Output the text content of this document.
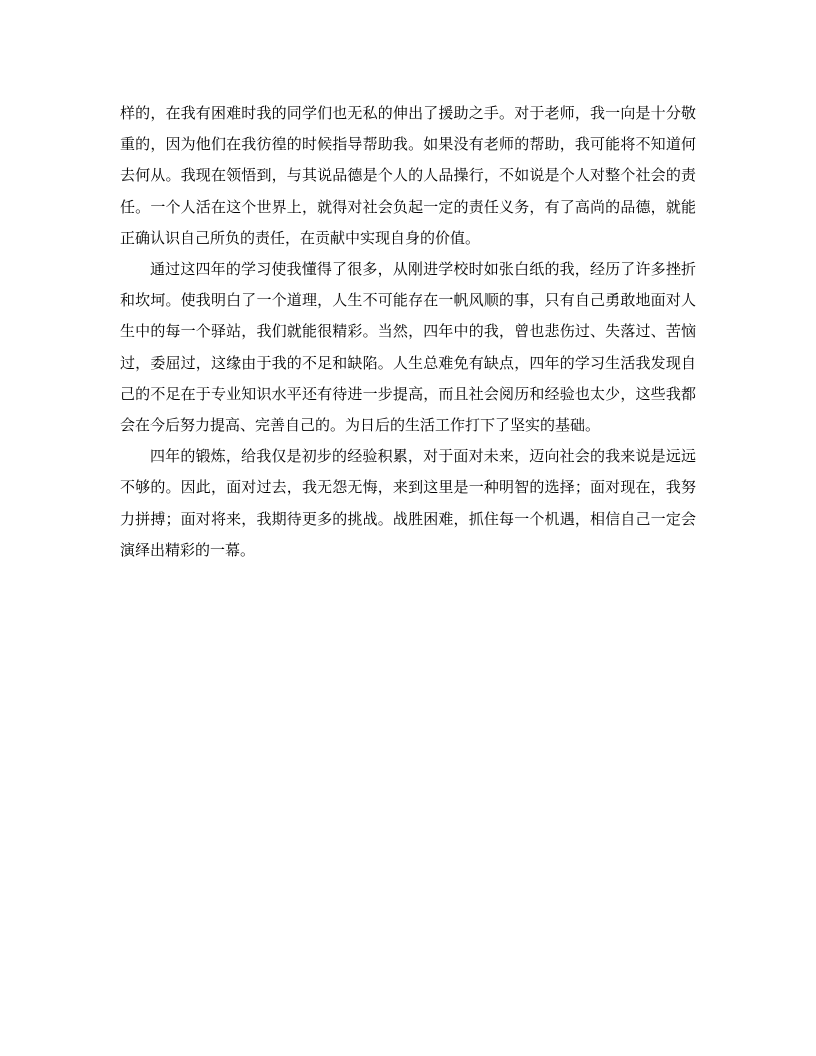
样的，在我有困难时我的同学们也无私的伸出了援助之手。对于老师，我一向是十分敬重的，因为他们在我彷徨的时候指导帮助我。如果没有老师的帮助，我可能将不知道何去何从。我现在领悟到，与其说品德是个人的人品操行，不如说是个人对整个社会的责任。一个人活在这个世界上，就得对社会负起一定的责任义务，有了高尚的品德，就能正确认识自己所负的责任，在贡献中实现自身的价值。

通过这四年的学习使我懂得了很多，从刚进学校时如张白纸的我，经历了许多挫折和坎坷。使我明白了一个道理，人生不可能存在一帆风顺的事，只有自己勇敢地面对人生中的每一个驿站，我们就能很精彩。当然，四年中的我，曾也悲伤过、失落过、苦恼过，委屈过，这缘由于我的不足和缺陷。人生总难免有缺点，四年的学习生活我发现自己的不足在于专业知识水平还有待进一步提高，而且社会阅历和经验也太少，这些我都会在今后努力提高、完善自己的。为日后的生活工作打下了坚实的基础。

四年的锻炼，给我仅是初步的经验积累，对于面对未来，迈向社会的我来说是远远不够的。因此，面对过去，我无怨无悔，来到这里是一种明智的选择；面对现在，我努力拼搏；面对将来，我期待更多的挑战。战胜困难，抓住每一个机遇，相信自己一定会演绎出精彩的一幕。
